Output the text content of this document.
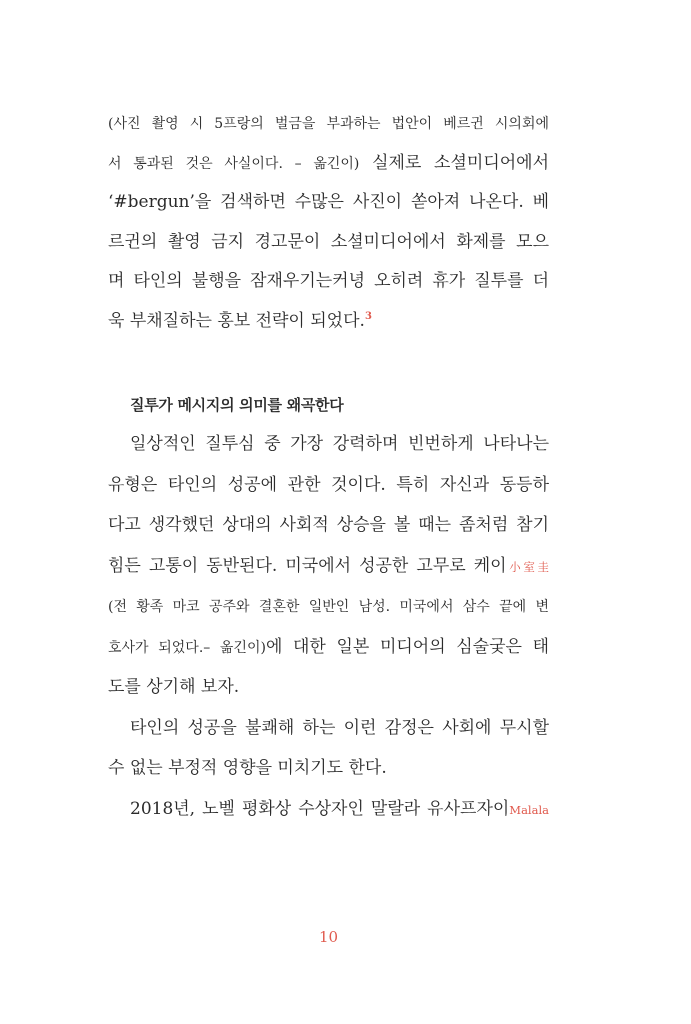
(사진 촬영 시 5프랑의 벌금을 부과하는 법안이 베르귄 시의회에
서 통과된 것은 사실이다. – 옮긴이) 실제로 소셜미디어에서
‘#bergun’을 검색하면 수많은 사진이 쏟아져 나온다. 베
르귄의 촬영 금지 경고문이 소셜미디어에서 화제를 모으
며 타인의 불행을 잠재우기는커녕 오히려 휴가 질투를 더
욱 부채질하는 홍보 전략이 되었다.$^3$
질투가 메시지의 의미를 왜곡한다
일상적인 질투심 중 가장 강력하며 빈번하게 나타나는
유형은 타인의 성공에 관한 것이다. 특히 자신과 동등하
다고 생각했던 상대의 사회적 상승을 볼 때는 좀처럼 참기
힘든 고통이 동반된다. 미국에서 성공한 고무로 케이小室圭
(전 황족 마코 공주와 결혼한 일반인 남성. 미국에서 삼수 끝에 변
호사가 되었다.– 옮긴이)에 대한 일본 미디어의 심술궂은 태
도를 상기해 보자.
타인의 성공을 불쾌해 하는 이런 감정은 사회에 무시할
수 없는 부정적 영향을 미치기도 한다.
2018년, 노벨 평화상 수상자인 말랄라 유사프자이Malala
10
